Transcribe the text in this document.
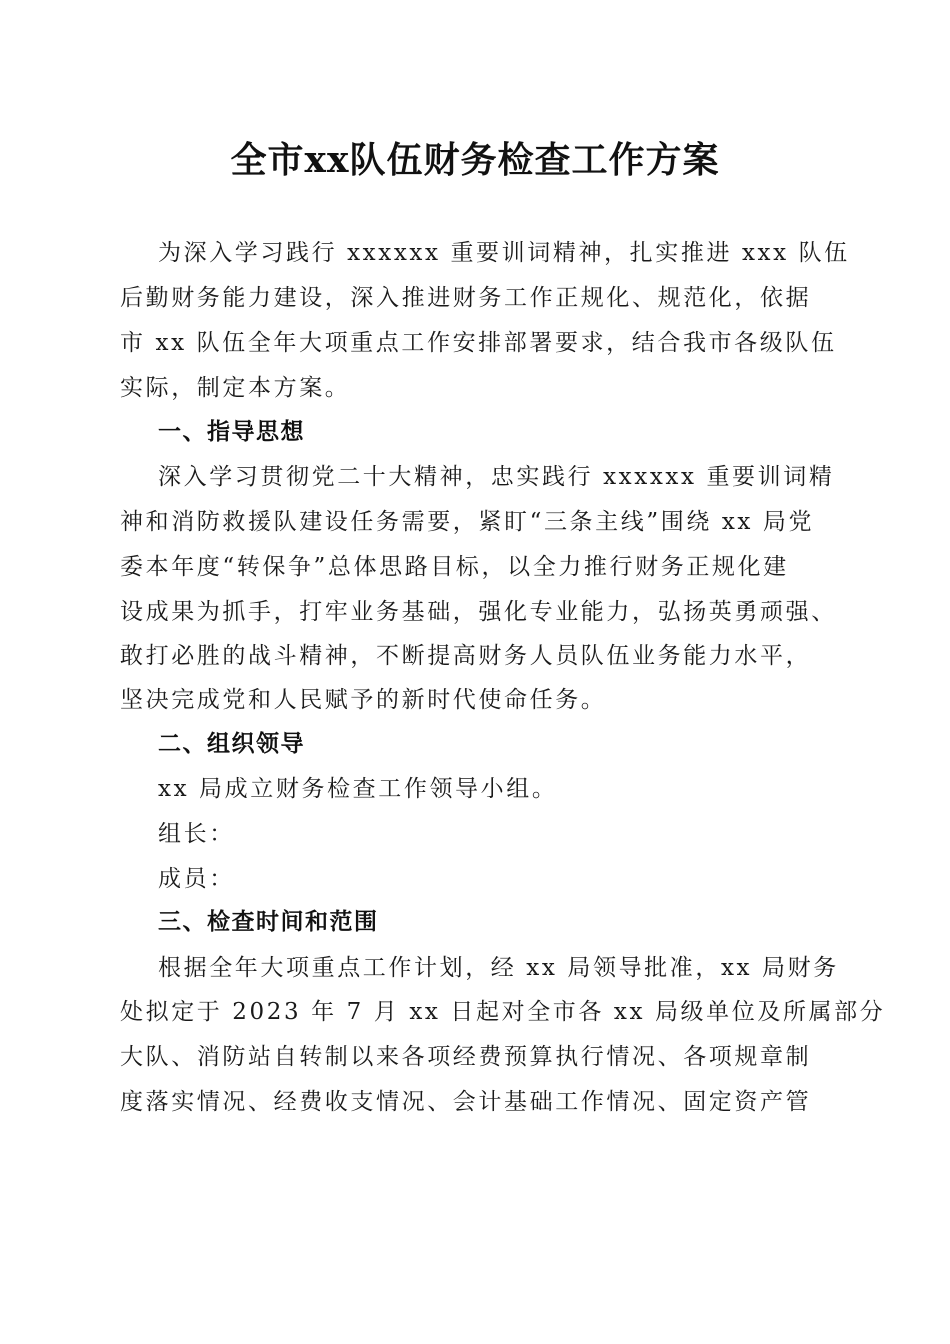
全市xx队伍财务检查工作方案
为深入学习践行 xxxxxx 重要训词精神，扎实推进 xxx 队伍
后勤财务能力建设，深入推进财务工作正规化、规范化，依据
市 xx 队伍全年大项重点工作安排部署要求，结合我市各级队伍
实际，制定本方案。
一、指导思想
深入学习贯彻党二十大精神，忠实践行 xxxxxx 重要训词精
神和消防救援队建设任务需要，紧盯“三条主线”围绕 xx 局党
委本年度“转保争”总体思路目标，以全力推行财务正规化建
设成果为抓手，打牢业务基础，强化专业能力，弘扬英勇顽强、
敢打必胜的战斗精神，不断提高财务人员队伍业务能力水平，
坚决完成党和人民赋予的新时代使命任务。
二、组织领导
xx 局成立财务检查工作领导小组。
组长：
成员：
三、检查时间和范围
根据全年大项重点工作计划，经 xx 局领导批准，xx 局财务
处拟定于 2023 年 7 月 xx 日起对全市各 xx 局级单位及所属部分
大队、消防站自转制以来各项经费预算执行情况、各项规章制
度落实情况、经费收支情况、会计基础工作情况、固定资产管
